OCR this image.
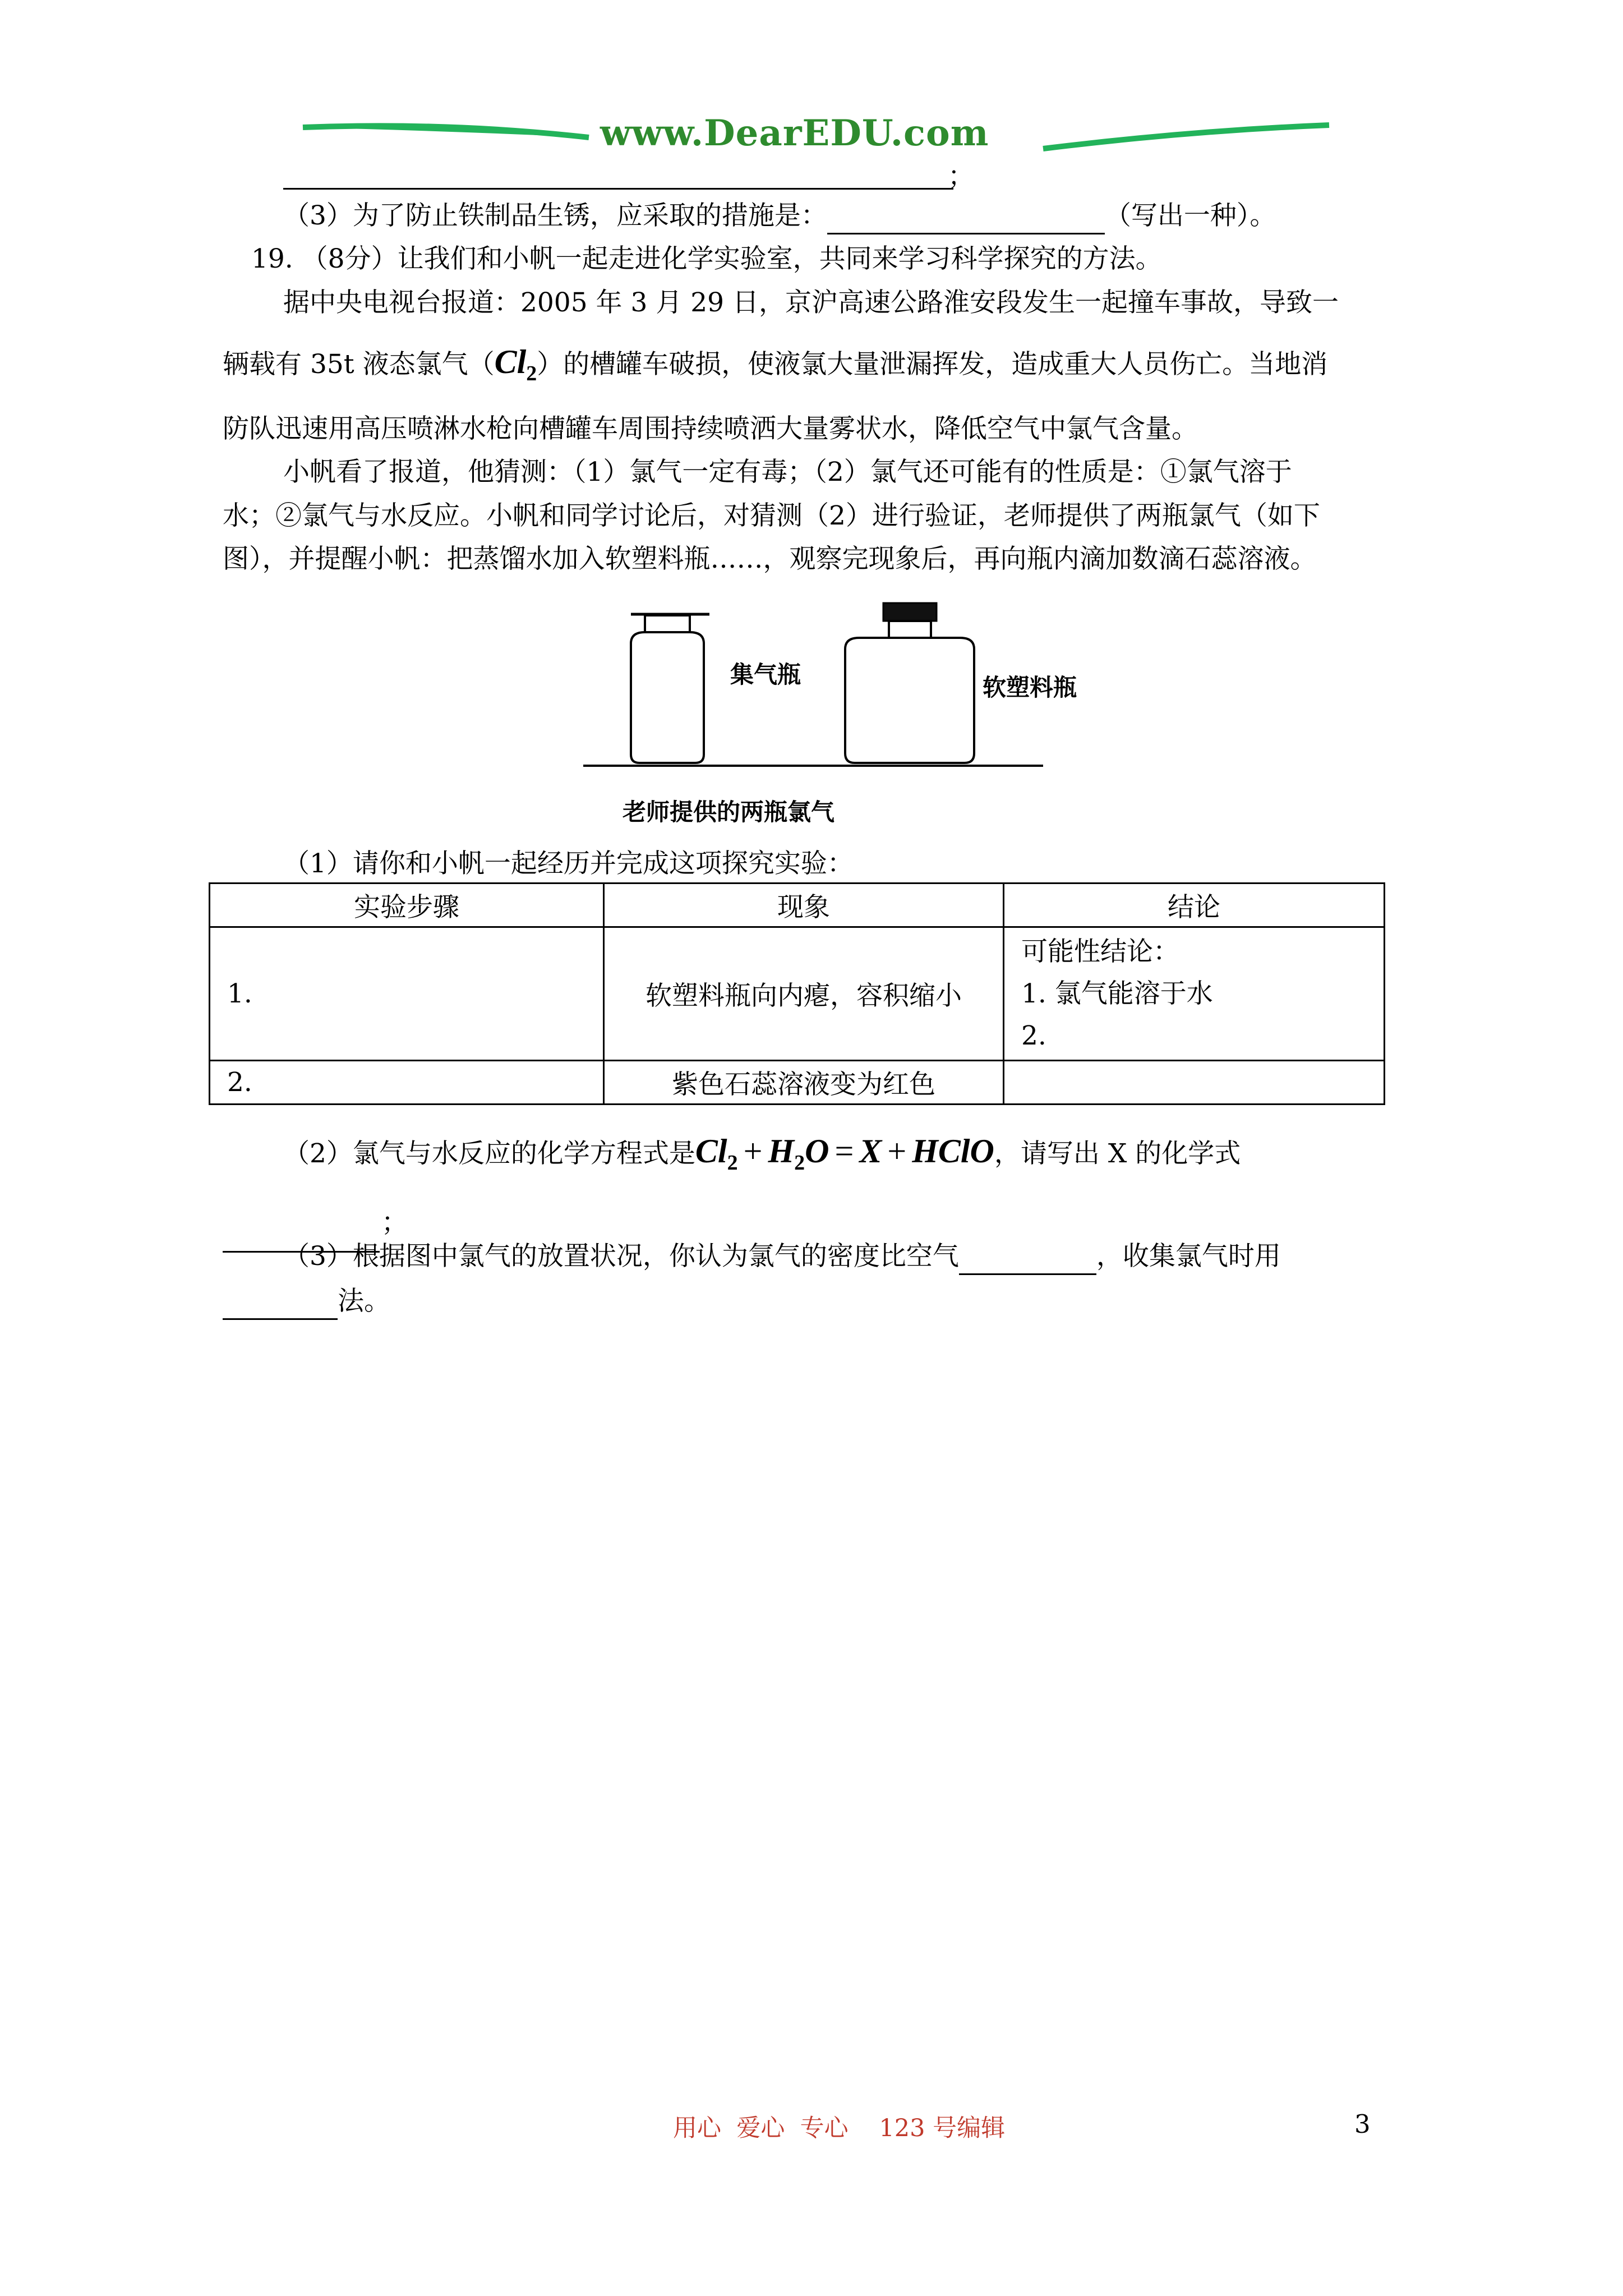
www.DearEDU.com
；
（3）为了防止铁制品生锈，应采取的措施是：	（写出一种）。
19. （8分）让我们和小帆一起走进化学实验室，共同来学习科学探究的方法。
据中央电视台报道：2005 年 3 月 29 日，京沪高速公路淮安段发生一起撞车事故，导致一
辆载有 35t 液态氯气$(Cl_2)$的槽罐车破损，使液氯大量泄漏挥发，造成重大人员伤亡。当地消
防队迅速用高压喷淋水枪向槽罐车周围持续喷洒大量雾状水，降低空气中氯气含量。
小帆看了报道，他猜测：（1）氯气一定有毒；（2）氯气还可能有的性质是：①氯气溶于
水；②氯气与水反应。小帆和同学讨论后，对猜测（2）进行验证，老师提供了两瓶氯气（如下
图），并提醒小帆：把蒸馏水加入软塑料瓶……，观察完现象后，再向瓶内滴加数滴石蕊溶液。
集气瓶	软塑料瓶
老师提供的两瓶氯气
（1）请你和小帆一起经历并完成这项探究实验：
实验步骤	现象	结论
1.	软塑料瓶向内瘪，容积缩小	可能性结论：
1. 氯气能溶于水
2.

2.	紫色石蕊溶液变为红色	
（2）氯气与水反应的化学方程式是$Cl_2 + H_2O = X$ + HClO，请写出 X 的化学式
；
（3）根据图中氯气的放置状况，你认为氯气的密度比空气	，收集氯气时用
法。
用心  爱心  专心    123 号编辑	3
